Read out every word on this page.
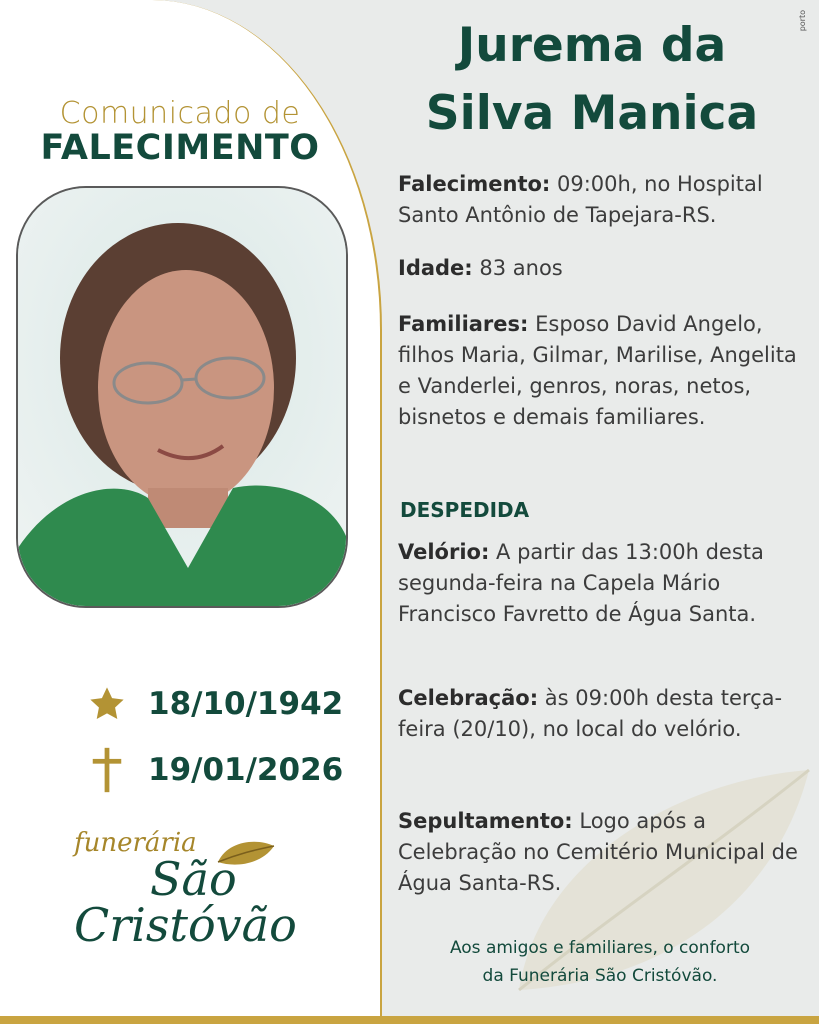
porto
Comunicado de
FALECIMENTO
18/10/1942
19/01/2026
funerária
São
Cristóvão
Jurema da
Silva Manica
Falecimento: 09:00h, no Hospital Santo Antônio de Tapejara-RS.
Idade: 83 anos
Familiares: Esposo David Angelo, filhos Maria, Gilmar, Marilise, Angelita e Vanderlei, genros, noras, netos, bisnetos e demais familiares.
DESPEDIDA
Velório: A partir das 13:00h desta segunda-feira na Capela Mário Francisco Favretto de Água Santa.
Celebração: às 09:00h desta terça-feira (20/10), no local do velório.
Sepultamento: Logo após a Celebração no Cemitério Municipal de Água Santa-RS.
Aos amigos e familiares, o conforto
da Funerária São Cristóvão.
